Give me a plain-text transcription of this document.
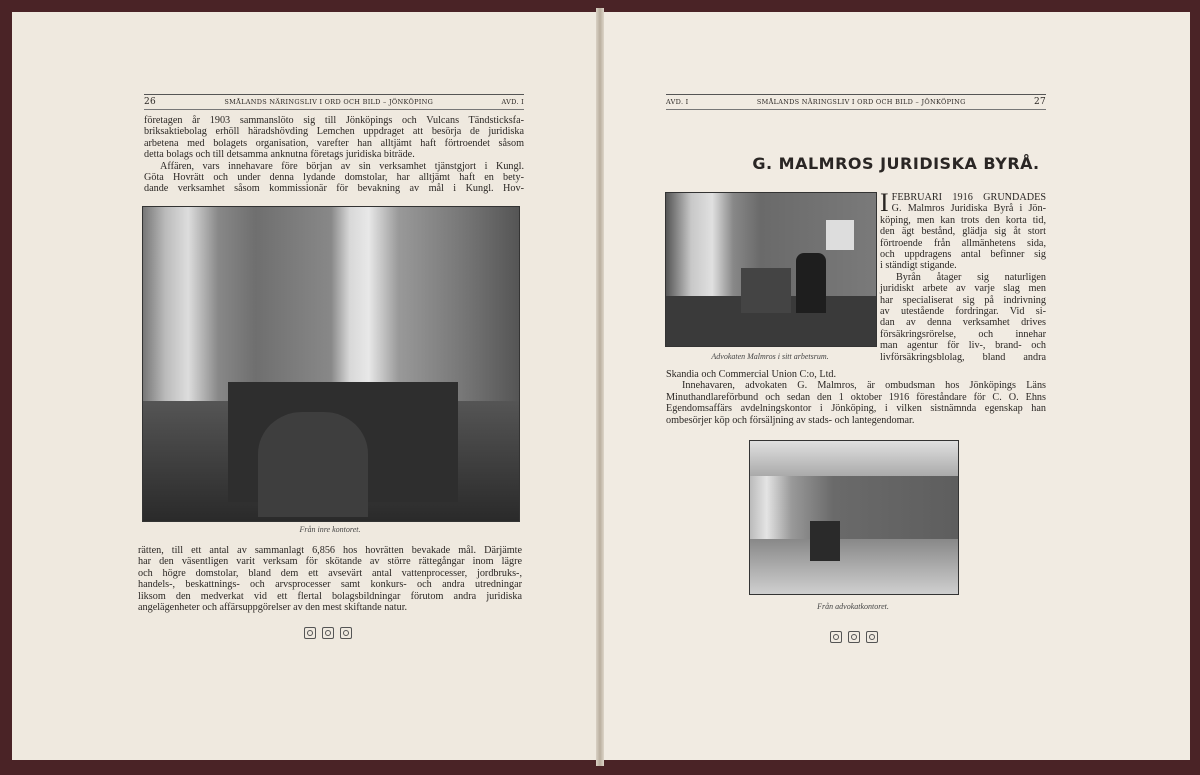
26	SMÅLANDS NÄRINGSLIV I ORD OCH BILD – JÖNKÖPING	AVD. I
företagen år 1903 sammanslöto sig till Jönköpings och Vulcans Tändsticksfa-
briksaktiebolag erhöll häradshövding Lemchen uppdraget att besörja de juridiska
arbetena med bolagets organisation, varefter han alltjämt haft förtroendet såsom
detta bolags och till detsamma anknutna företags juridiska biträde.
Affären, vars innehavare före början av sin verksamhet tjänstgjort i Kungl.
Göta Hovrätt och under denna lydande domstolar, har alltjämt haft en bety-
dande verksamhet såsom kommissionär för bevakning av mål i Kungl. Hov-
Från inre kontoret.
rätten, till ett antal av sammanlagt 6,856 hos hovrätten bevakade mål. Därjämte
har den väsentligen varit verksam för skötande av större rättegångar inom lägre
och högre domstolar, bland dem ett avsevärt antal vattenprocesser, jordbruks-,
handels-, beskattnings- och arvsprocesser samt konkurs- och andra utredningar
liksom den medverkat vid ett flertal bolagsbildningar förutom andra juridiska
angelägenheter och affärsuppgörelser av den mest skiftande natur.
AVD. I	SMÅLANDS NÄRINGSLIV I ORD OCH BILD – JÖNKÖPING	27
G. MALMROS JURIDISKA BYRÅ.
Advokaten Malmros i sitt arbetsrum.
I FEBRUARI 1916 GRUNDADES
G. Malmros Juridiska Byrå i Jön-
köping, men kan trots den korta tid,
den ägt bestånd, glädja sig åt stort
förtroende från allmänhetens sida,
och uppdragens antal befinner sig
i ständigt stigande.
Byrån åtager sig naturligen
juridiskt arbete av varje slag men
har specialiserat sig på indrivning
av utestående fordringar. Vid si-
dan av denna verksamhet drives
försäkringsrörelse, och innehar
man agentur för liv-, brand- och
livförsäkringsblolag, bland andra
Skandia och Commercial Union C:o, Ltd.
Innehavaren, advokaten G. Malmros, är ombudsman hos Jönköpings Läns
Minuthandlareförbund och sedan den 1 oktober 1916 föreståndare för C. O. Ehns
Egendomsaffärs avdelningskontor i Jönköping, i vilken sistnämnda egenskap han
ombesörjer köp och försäljning av stads- och lantegendomar.
Från advokatkontoret.
